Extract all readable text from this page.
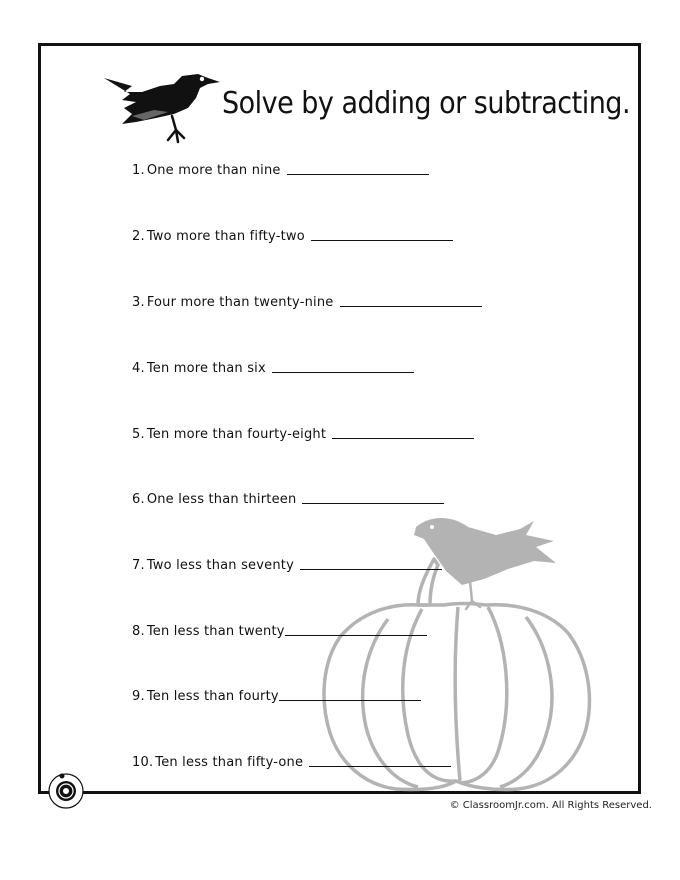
Solve by adding or subtracting.
1. One more than nine
2. Two more than fifty-two
3. Four more than twenty-nine
4. Ten more than six
5. Ten more than fourty-eight
6. One less than thirteen
7. Two less than seventy
8. Ten less than twenty
9. Ten less than fourty
10. Ten less than fifty-one
© ClassroomJr.com. All Rights Reserved.
